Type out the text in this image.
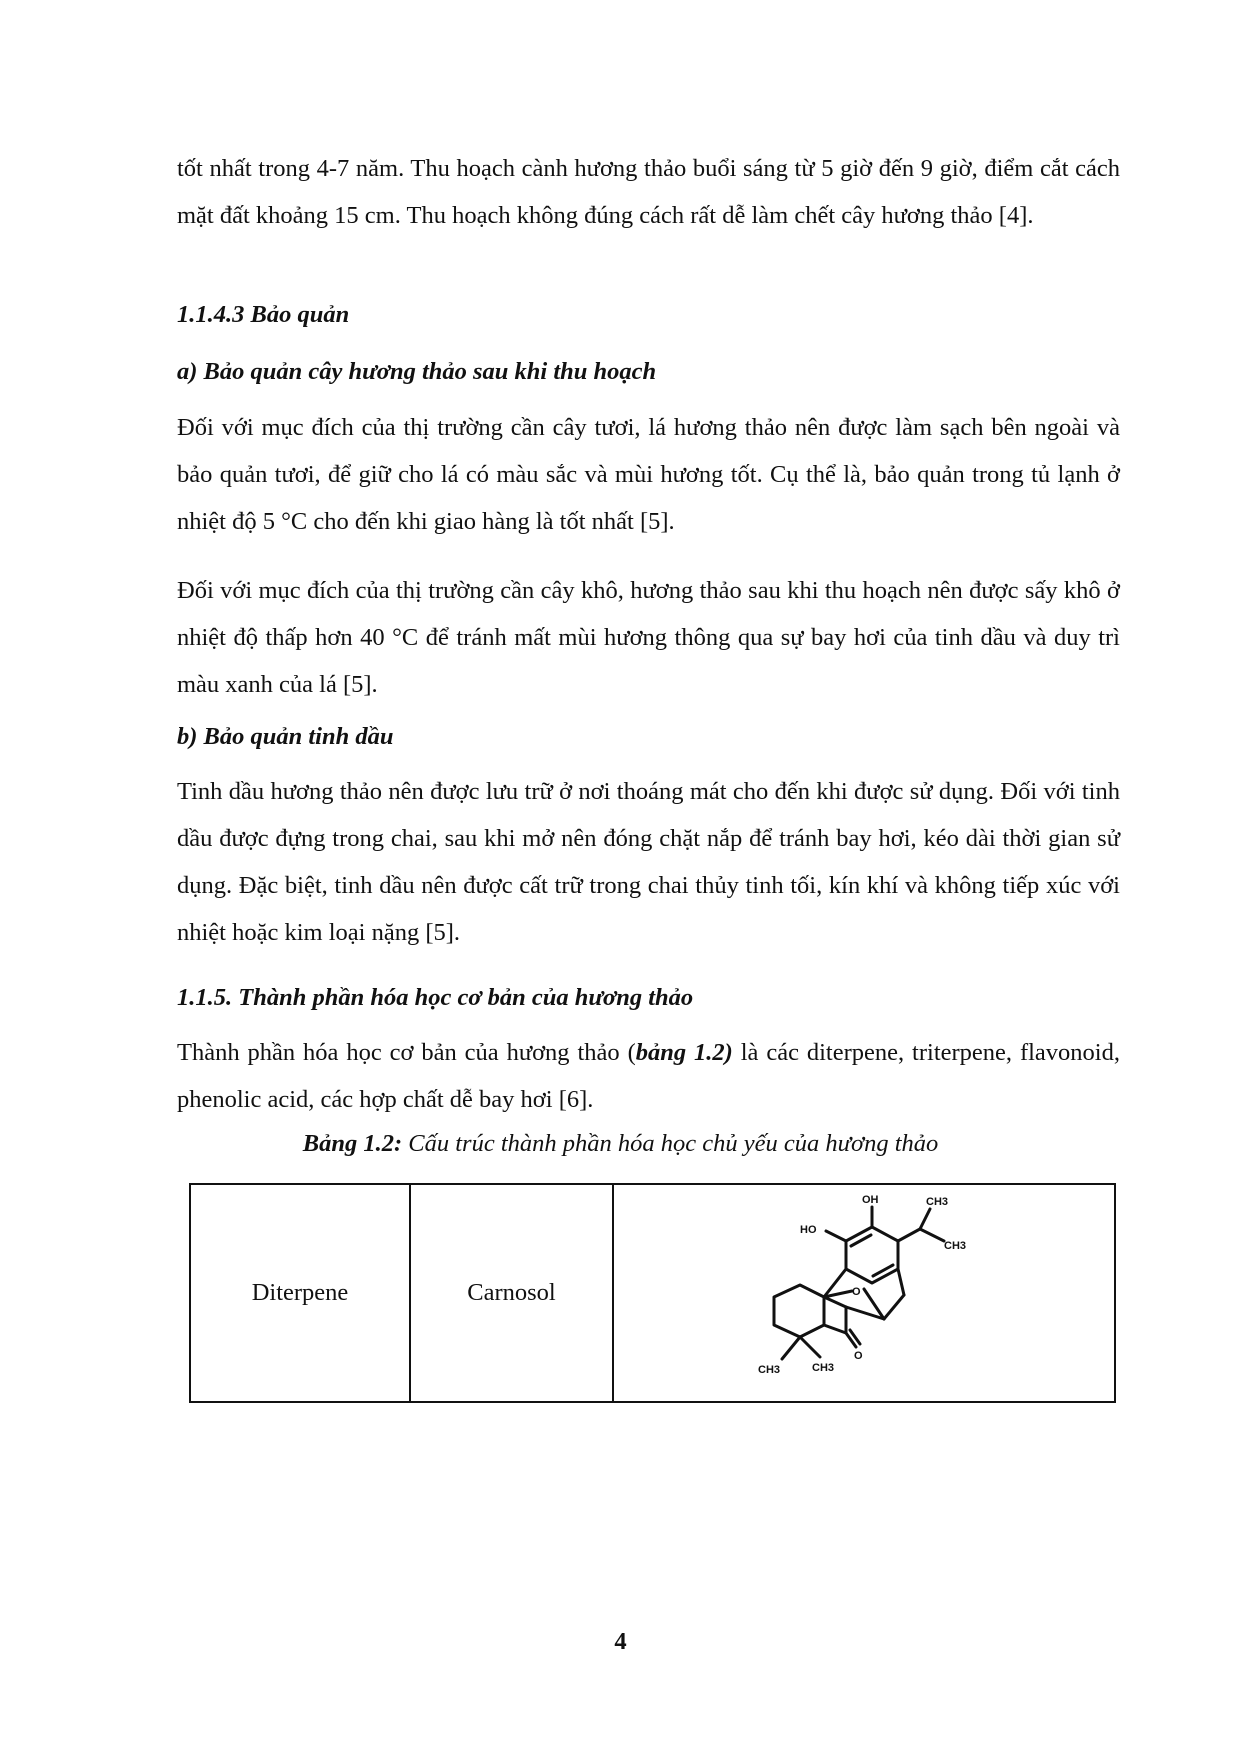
tốt nhất trong 4-7 năm. Thu hoạch cành hương thảo buổi sáng từ 5 giờ đến 9 giờ, điểm cắt cách mặt đất khoảng 15 cm. Thu hoạch không đúng cách rất dễ làm chết cây hương thảo [4].

1.1.4.3 Bảo quản
a) Bảo quản cây hương thảo sau khi thu hoạch

Đối với mục đích của thị trường cần cây tươi, lá hương thảo nên được làm sạch bên ngoài và bảo quản tươi, để giữ cho lá có màu sắc và mùi hương tốt. Cụ thể là, bảo quản trong tủ lạnh ở nhiệt độ 5 °C cho đến khi giao hàng là tốt nhất [5].

Đối với mục đích của thị trường cần cây khô, hương thảo sau khi thu hoạch nên được sấy khô ở nhiệt độ thấp hơn 40 °C để tránh mất mùi hương thông qua sự bay hơi của tinh dầu và duy trì màu xanh của lá [5].

b) Bảo quản tinh dầu

Tinh dầu hương thảo nên được lưu trữ ở nơi thoáng mát cho đến khi được sử dụng. Đối với tinh dầu được đựng trong chai, sau khi mở nên đóng chặt nắp để tránh bay hơi, kéo dài thời gian sử dụng. Đặc biệt, tinh dầu nên được cất trữ trong chai thủy tinh tối, kín khí và không tiếp xúc với nhiệt hoặc kim loại nặng [5].

1.1.5. Thành phần hóa học cơ bản của hương thảo

Thành phần hóa học cơ bản của hương thảo (bảng 1.2) là các diterpene, triterpene, flavonoid, phenolic acid, các hợp chất dễ bay hơi [6].

Bảng 1.2: Cấu trúc thành phần hóa học chủ yếu của hương thảo
Diterpene	Carnosol	
OH
HO
CH3
CH3
O
O
CH3	CH3
4
